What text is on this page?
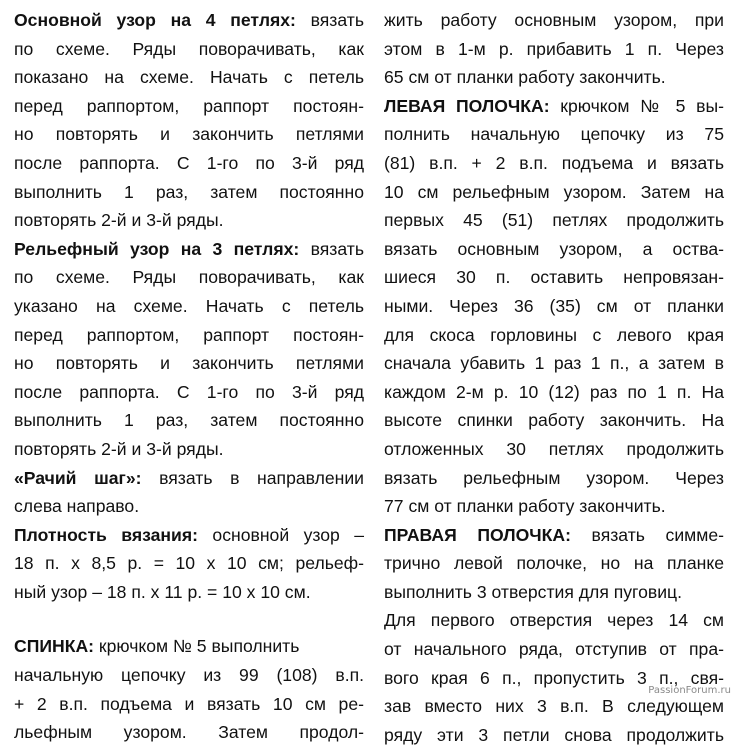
Основной узор на 4 петлях: вязать
по схеме. Ряды поворачивать, как
показано на схеме. Начать с петель
перед раппортом, раппорт постоян-
но повторять и закончить петлями
после раппорта. С 1-го по 3-й ряд
выполнить 1 раз, затем постоянно
повторять 2-й и 3-й ряды.
Рельефный узор на 3 петлях: вязать
по схеме. Ряды поворачивать, как
указано на схеме. Начать с петель
перед раппортом, раппорт постоян-
но повторять и закончить петлями
после раппорта. С 1-го по 3-й ряд
выполнить 1 раз, затем постоянно
повторять 2-й и 3-й ряды.
«Рачий шаг»: вязать в направлении
слева направо.
Плотность вязания: основной узор –
18 п. х 8,5 р. = 10 х 10 см; рельеф-
ный узор – 18 п. х 11 р. = 10 х 10 см.
СПИНКА: крючком № 5 выполнить
начальную цепочку из 99 (108) в.п.
+ 2 в.п. подъема и вязать 10 см ре-
льефным узором. Затем продол-
жить работу основным узором, при
этом в 1-м р. прибавить 1 п. Через
65 см от планки работу закончить.
ЛЕВАЯ ПОЛОЧКА: крючком № 5 вы-
полнить начальную цепочку из 75
(81) в.п. + 2 в.п. подъема и вязать
10 см рельефным узором. Затем на
первых 45 (51) петлях продолжить
вязать основным узором, а оства-
шиеся 30 п. оставить непровязан-
ными. Через 36 (35) см от планки
для скоса горловины с левого края
сначала убавить 1 раз 1 п., а затем в
каждом 2-м р. 10 (12) раз по 1 п. На
высоте спинки работу закончить. На
отложенных 30 петлях продолжить
вязать рельефным узором. Через
77 см от планки работу закончить.
ПРАВАЯ ПОЛОЧКА: вязать симме-
трично левой полочке, но на планке
выполнить 3 отверстия для пуговиц.
Для первого отверстия через 14 см
от начального ряда, отступив от пра-
вого края 6 п., пропустить 3 п., свя-
зав вместо них 3 в.п. В следующем
ряду эти 3 петли снова продолжить
PassionForum.ru
